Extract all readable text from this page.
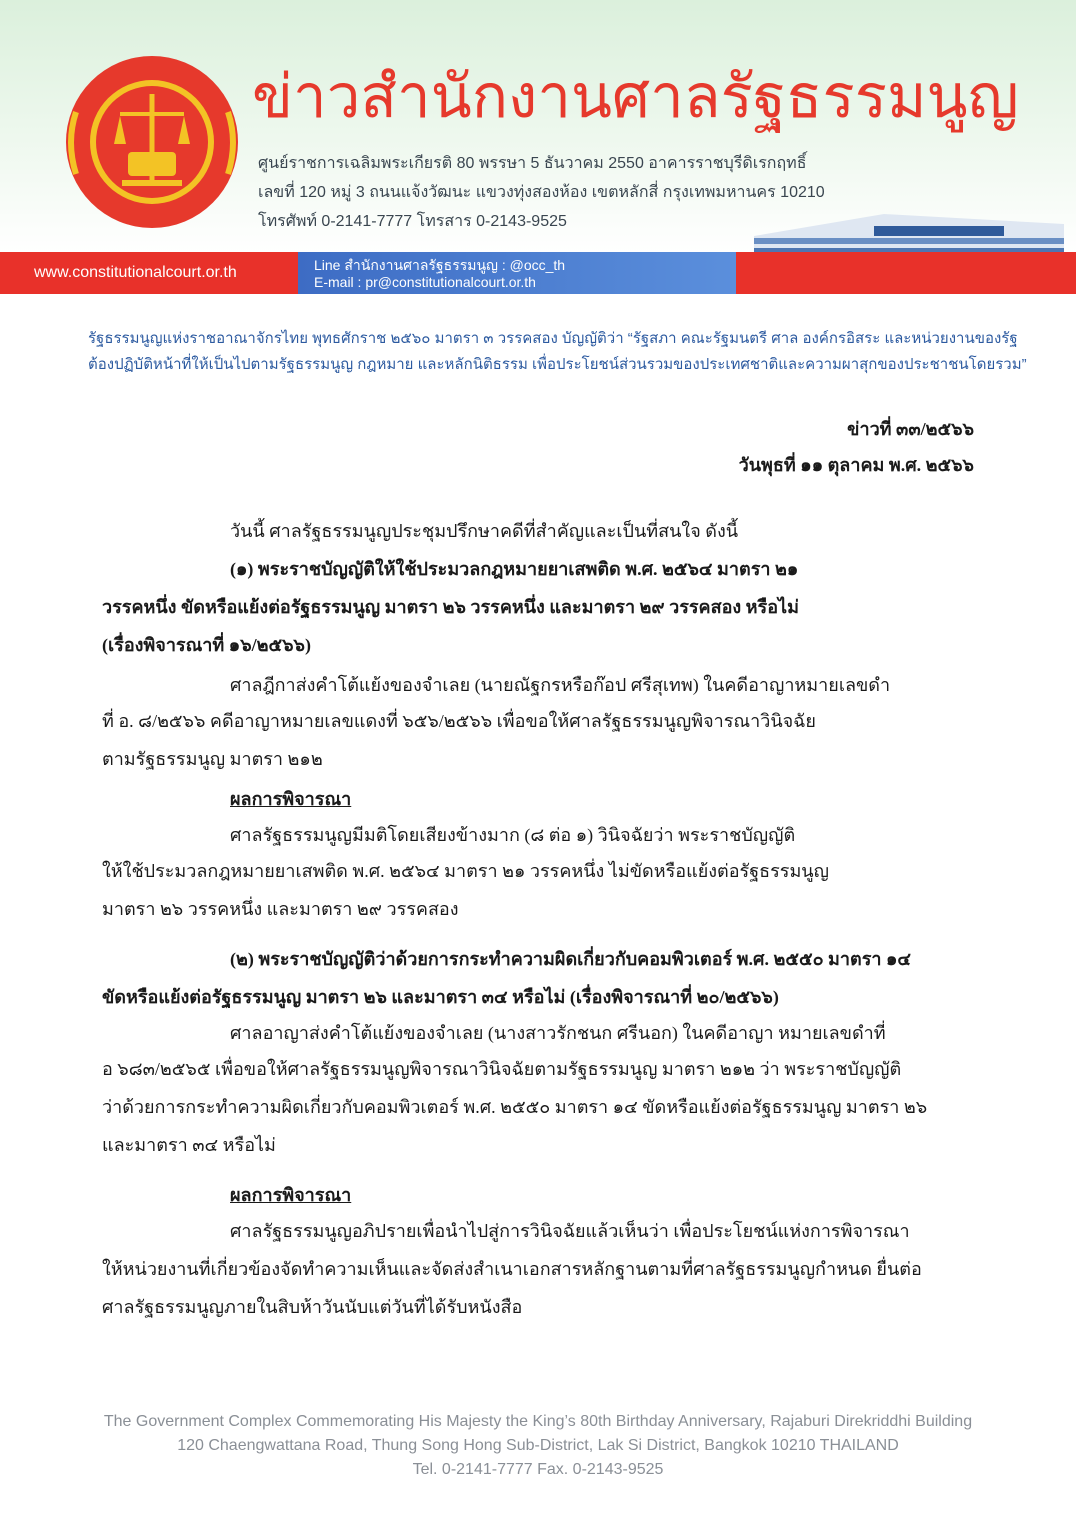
ข่าวสำนักงานศาลรัฐธรรมนูญ
ศูนย์ราชการเฉลิมพระเกียรติ 80 พรรษา 5 ธันวาคม 2550 อาคารราชบุรีดิเรกฤทธิ์
เลขที่ 120 หมู่ 3 ถนนแจ้งวัฒนะ แขวงทุ่งสองห้อง เขตหลักสี่ กรุงเทพมหานคร 10210
โทรศัพท์ 0-2141-7777 โทรสาร 0-2143-9525
www.constitutionalcourt.or.th	Line สำนักงานศาลรัฐธรรมนูญ : @occ_th
E-mail : pr@constitutionalcourt.or.th
รัฐธรรมนูญแห่งราชอาณาจักรไทย พุทธศักราช ๒๕๖๐ มาตรา ๓ วรรคสอง บัญญัติว่า “รัฐสภา คณะรัฐมนตรี ศาล องค์กรอิสระ และหน่วยงานของรัฐ
ต้องปฏิบัติหน้าที่ให้เป็นไปตามรัฐธรรมนูญ กฎหมาย และหลักนิติธรรม เพื่อประโยชน์ส่วนรวมของประเทศชาติและความผาสุกของประชาชนโดยรวม”
ข่าวที่ ๓๓/๒๕๖๖
วันพุธที่ ๑๑ ตุลาคม พ.ศ. ๒๕๖๖
วันนี้ ศาลรัฐธรรมนูญประชุมปรึกษาคดีที่สำคัญและเป็นที่สนใจ ดังนี้
(๑) พระราชบัญญัติให้ใช้ประมวลกฎหมายยาเสพติด พ.ศ. ๒๕๖๔ มาตรา ๒๑
วรรคหนึ่ง ขัดหรือแย้งต่อรัฐธรรมนูญ มาตรา ๒๖ วรรคหนึ่ง และมาตรา ๒๙ วรรคสอง หรือไม่
(เรื่องพิจารณาที่ ๑๖/๒๕๖๖)
ศาลฎีกาส่งคำโต้แย้งของจำเลย (นายณัฐกรหรือก๊อป ศรีสุเทพ) ในคดีอาญาหมายเลขดำ
ที่ อ. ๘/๒๕๖๖ คดีอาญาหมายเลขแดงที่ ๖๕๖/๒๕๖๖ เพื่อขอให้ศาลรัฐธรรมนูญพิจารณาวินิจฉัย
ตามรัฐธรรมนูญ มาตรา ๒๑๒
ผลการพิจารณา
ศาลรัฐธรรมนูญมีมติโดยเสียงข้างมาก (๘ ต่อ ๑) วินิจฉัยว่า พระราชบัญญัติ
ให้ใช้ประมวลกฎหมายยาเสพติด พ.ศ. ๒๕๖๔ มาตรา ๒๑ วรรคหนึ่ง ไม่ขัดหรือแย้งต่อรัฐธรรมนูญ
มาตรา ๒๖ วรรคหนึ่ง และมาตรา ๒๙ วรรคสอง
(๒) พระราชบัญญัติว่าด้วยการกระทำความผิดเกี่ยวกับคอมพิวเตอร์ พ.ศ. ๒๕๕๐ มาตรา ๑๔
ขัดหรือแย้งต่อรัฐธรรมนูญ มาตรา ๒๖ และมาตรา ๓๔ หรือไม่ (เรื่องพิจารณาที่ ๒๐/๒๕๖๖)
ศาลอาญาส่งคำโต้แย้งของจำเลย (นางสาวรักชนก ศรีนอก) ในคดีอาญา หมายเลขดำที่
อ ๖๘๓/๒๕๖๕ เพื่อขอให้ศาลรัฐธรรมนูญพิจารณาวินิจฉัยตามรัฐธรรมนูญ มาตรา ๒๑๒ ว่า พระราชบัญญัติ
ว่าด้วยการกระทำความผิดเกี่ยวกับคอมพิวเตอร์ พ.ศ. ๒๕๕๐ มาตรา ๑๔ ขัดหรือแย้งต่อรัฐธรรมนูญ มาตรา ๒๖
และมาตรา ๓๔ หรือไม่
ผลการพิจารณา
ศาลรัฐธรรมนูญอภิปรายเพื่อนำไปสู่การวินิจฉัยแล้วเห็นว่า เพื่อประโยชน์แห่งการพิจารณา
ให้หน่วยงานที่เกี่ยวข้องจัดทำความเห็นและจัดส่งสำเนาเอกสารหลักฐานตามที่ศาลรัฐธรรมนูญกำหนด ยื่นต่อ
ศาลรัฐธรรมนูญภายในสิบห้าวันนับแต่วันที่ได้รับหนังสือ
The Government Complex Commemorating His Majesty the King’s 80th Birthday Anniversary, Rajaburi Direkriddhi Building
120 Chaengwattana Road, Thung Song Hong Sub-District, Lak Si District, Bangkok 10210 THAILAND
Tel. 0-2141-7777 Fax. 0-2143-9525
